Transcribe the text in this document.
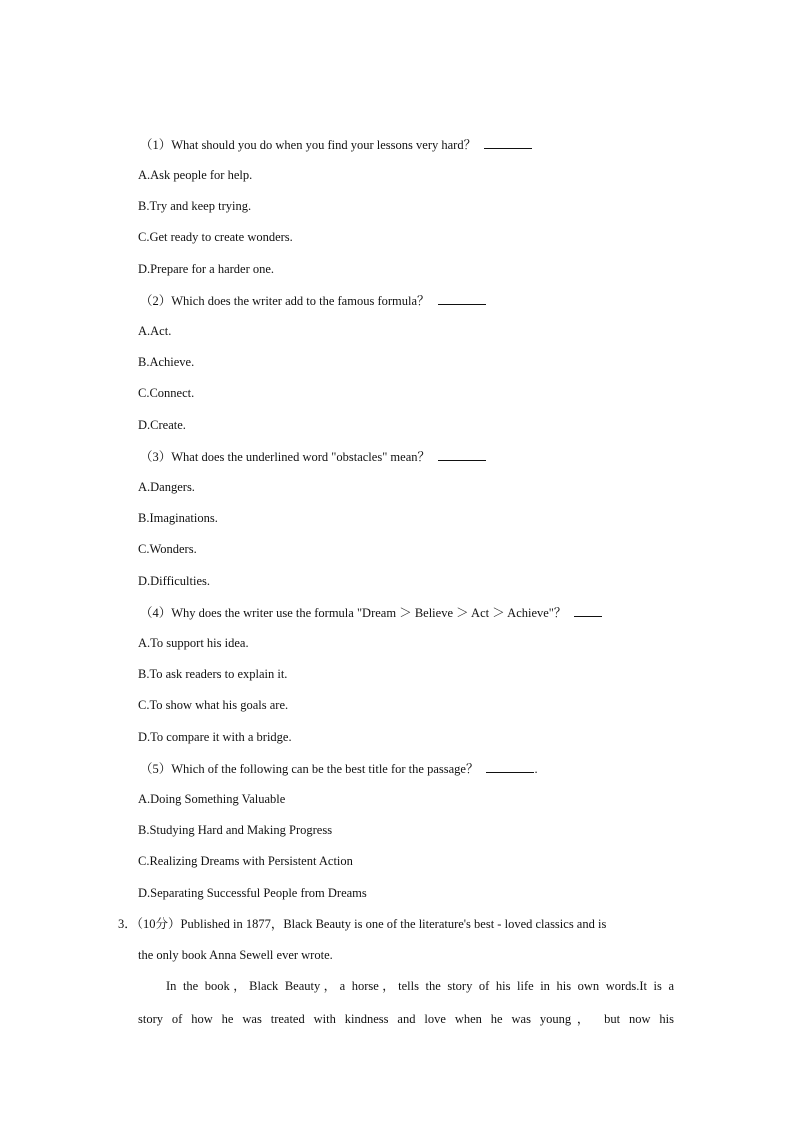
（1）What should you do when you find your lessons very hard？
A.Ask people for help.
B.Try and keep trying.
C.Get ready to create wonders.
D.Prepare for a harder one.
（2）Which does the writer add to the famous formula？
A.Act.
B.Achieve.
C.Connect.
D.Create.
（3）What does the underlined word "obstacles" mean？
A.Dangers.
B.Imaginations.
C.Wonders.
D.Difficulties.
（4）Why does the writer use the formula "Dream ＞ Believe ＞ Act ＞ Achieve"？
A.To support his idea.
B.To ask readers to explain it.
C.To show what his goals are.
D.To compare it with a bridge.
（5）Which of the following can be the best title for the passage？	.
A.Doing Something Valuable
B.Studying Hard and Making Progress
C.Realizing Dreams with Persistent Action
D.Separating Successful People from Dreams
3．（10分）Published in 1877，Black Beauty is one of the literature's best - loved classics and is
the only book Anna Sewell ever wrote.
In the book，Black Beauty，a horse，tells the story of his life in his own words.It is a
story of how he was treated with kindness and love when he was young， but now his
